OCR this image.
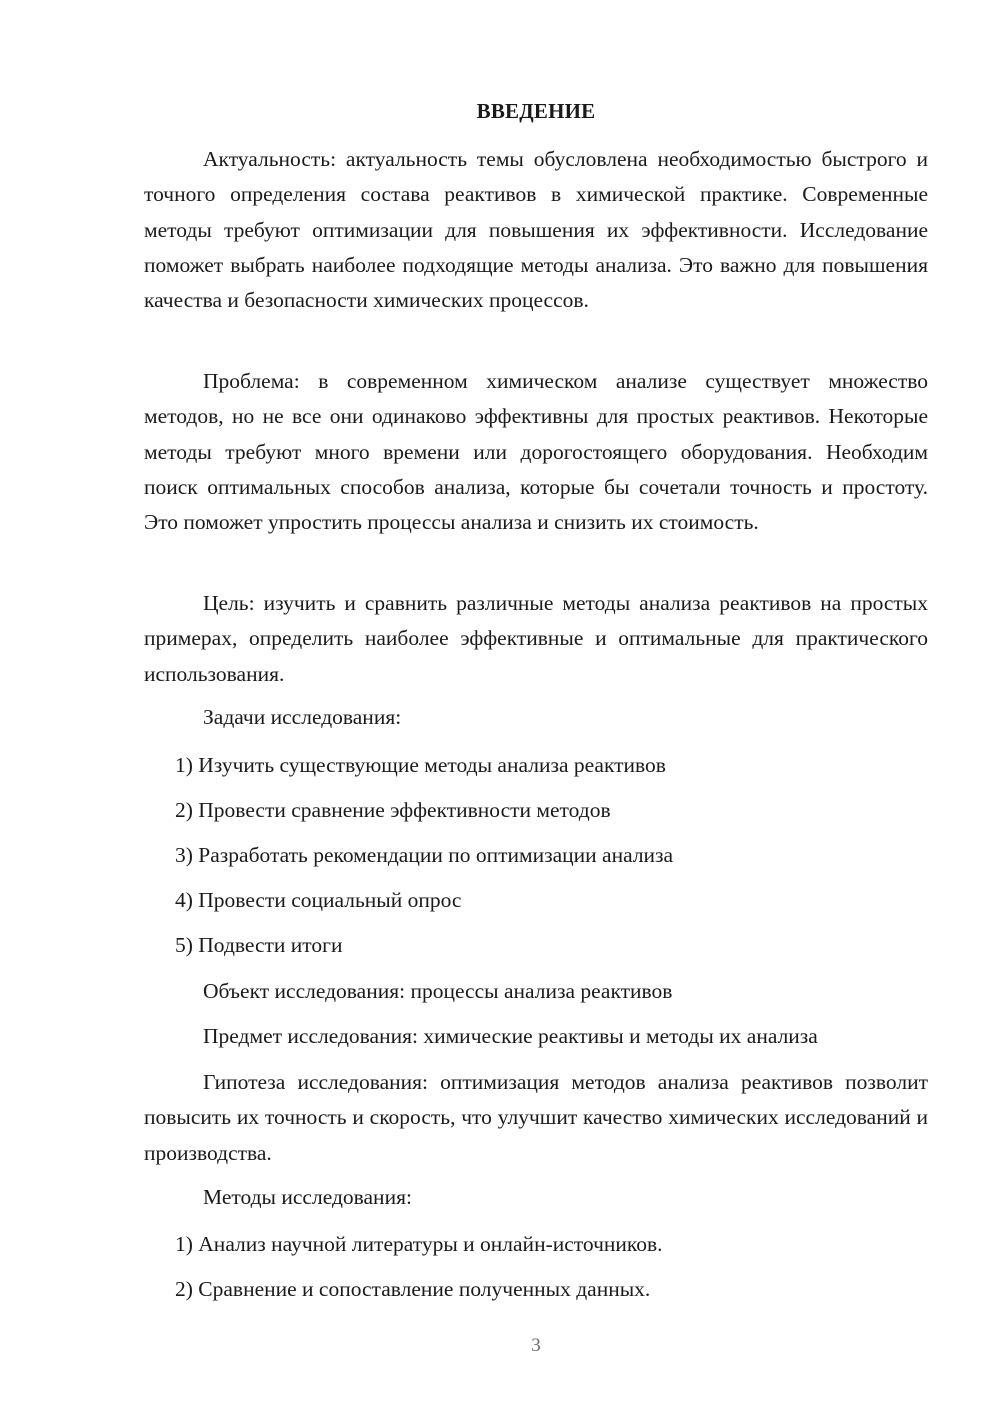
ВВЕДЕНИЕ

Актуальность: актуальность темы обусловлена необходимостью быстрого и точного определения состава реактивов в химической практике. Современные методы требуют оптимизации для повышения их эффективности. Исследование поможет выбрать наиболее подходящие методы анализа. Это важно для повышения качества и безопасности химических процессов.

Проблема: в современном химическом анализе существует множество методов, но не все они одинаково эффективны для простых реактивов. Некоторые методы требуют много времени или дорогостоящего оборудования. Необходим поиск оптимальных способов анализа, которые бы сочетали точность и простоту. Это поможет упростить процессы анализа и снизить их стоимость.

Цель: изучить и сравнить различные методы анализа реактивов на простых примерах, определить наиболее эффективные и оптимальные для практического использования.

Задачи исследования:

1) Изучить существующие методы анализа реактивов

2) Провести сравнение эффективности методов

3) Разработать рекомендации по оптимизации анализа

4) Провести социальный опрос

5) Подвести итоги

Объект исследования: процессы анализа реактивов

Предмет исследования: химические реактивы и методы их анализа

Гипотеза исследования: оптимизация методов анализа реактивов позволит повысить их точность и скорость, что улучшит качество химических исследований и производства.

Методы исследования:

1) Анализ научной литературы и онлайн-источников.

2) Сравнение и сопоставление полученных данных.

3
